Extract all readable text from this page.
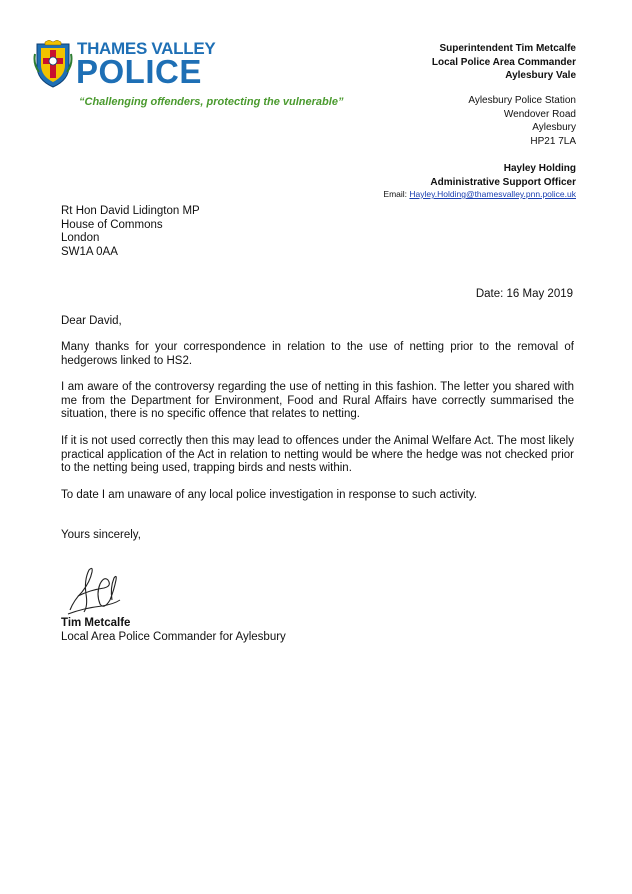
THAMES VALLEY
POLICE
“Challenging offenders, protecting the vulnerable”
Superintendent Tim Metcalfe
Local Police Area Commander
Aylesbury Vale
Aylesbury Police Station
Wendover Road
Aylesbury
HP21 7LA
Hayley Holding
Administrative Support Officer
Email: Hayley.Holding@thamesvalley.pnn.police.uk
Rt Hon David Lidington MP
House of Commons
London
SW1A 0AA
Date: 16 May 2019
Dear David,
Many thanks for your correspondence in relation to the use of netting prior to the removal of hedgerows linked to HS2.
I am aware of the controversy regarding the use of netting in this fashion. The letter you shared with me from the Department for Environment, Food and Rural Affairs have correctly summarised the situation, there is no specific offence that relates to netting.
If it is not used correctly then this may lead to offences under the Animal Welfare Act. The most likely practical application of the Act in relation to netting would be where the hedge was not checked prior to the netting being used, trapping birds and nests within.
To date I am unaware of any local police investigation in response to such activity.
Yours sincerely,
Tim Metcalfe
Local Area Police Commander for Aylesbury
